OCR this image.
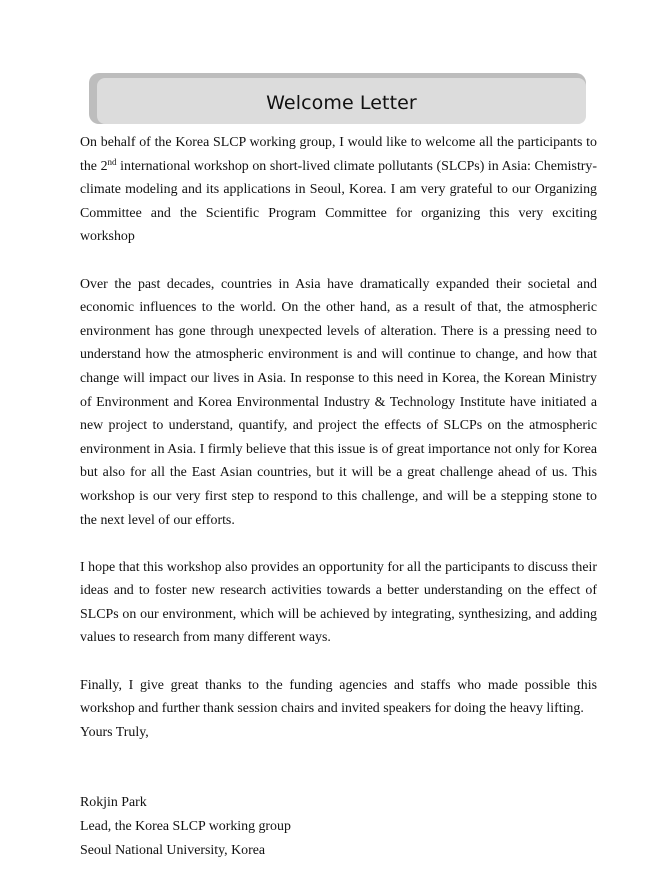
Welcome Letter

On behalf of the Korea SLCP working group, I would like to welcome all the participants to the 2nd international workshop on short-lived climate pollutants (SLCPs) in Asia: Chemistry-climate modeling and its applications in Seoul, Korea. I am very grateful to our Organizing Committee and the Scientific Program Committee for organizing this very exciting workshop

Over the past decades, countries in Asia have dramatically expanded their societal and economic influences to the world. On the other hand, as a result of that, the atmospheric environment has gone through unexpected levels of alteration. There is a pressing need to understand how the atmospheric environment is and will continue to change, and how that change will impact our lives in Asia. In response to this need in Korea, the Korean Ministry of Environment and Korea Environmental Industry & Technology Institute have initiated a new project to understand, quantify, and project the effects of SLCPs on the atmospheric environment in Asia. I firmly believe that this issue is of great importance not only for Korea but also for all the East Asian countries, but it will be a great challenge ahead of us. This workshop is our very first step to respond to this challenge, and will be a stepping stone to the next level of our efforts.

I hope that this workshop also provides an opportunity for all the participants to discuss their ideas and to foster new research activities towards a better understanding on the effect of SLCPs on our environment, which will be achieved by integrating, synthesizing, and adding values to research from many different ways.

Finally, I give great thanks to the funding agencies and staffs who made possible this workshop and further thank session chairs and invited speakers for doing the heavy lifting.

Yours Truly,

Rokjin Park
Lead, the Korea SLCP working group
Seoul National University, Korea
